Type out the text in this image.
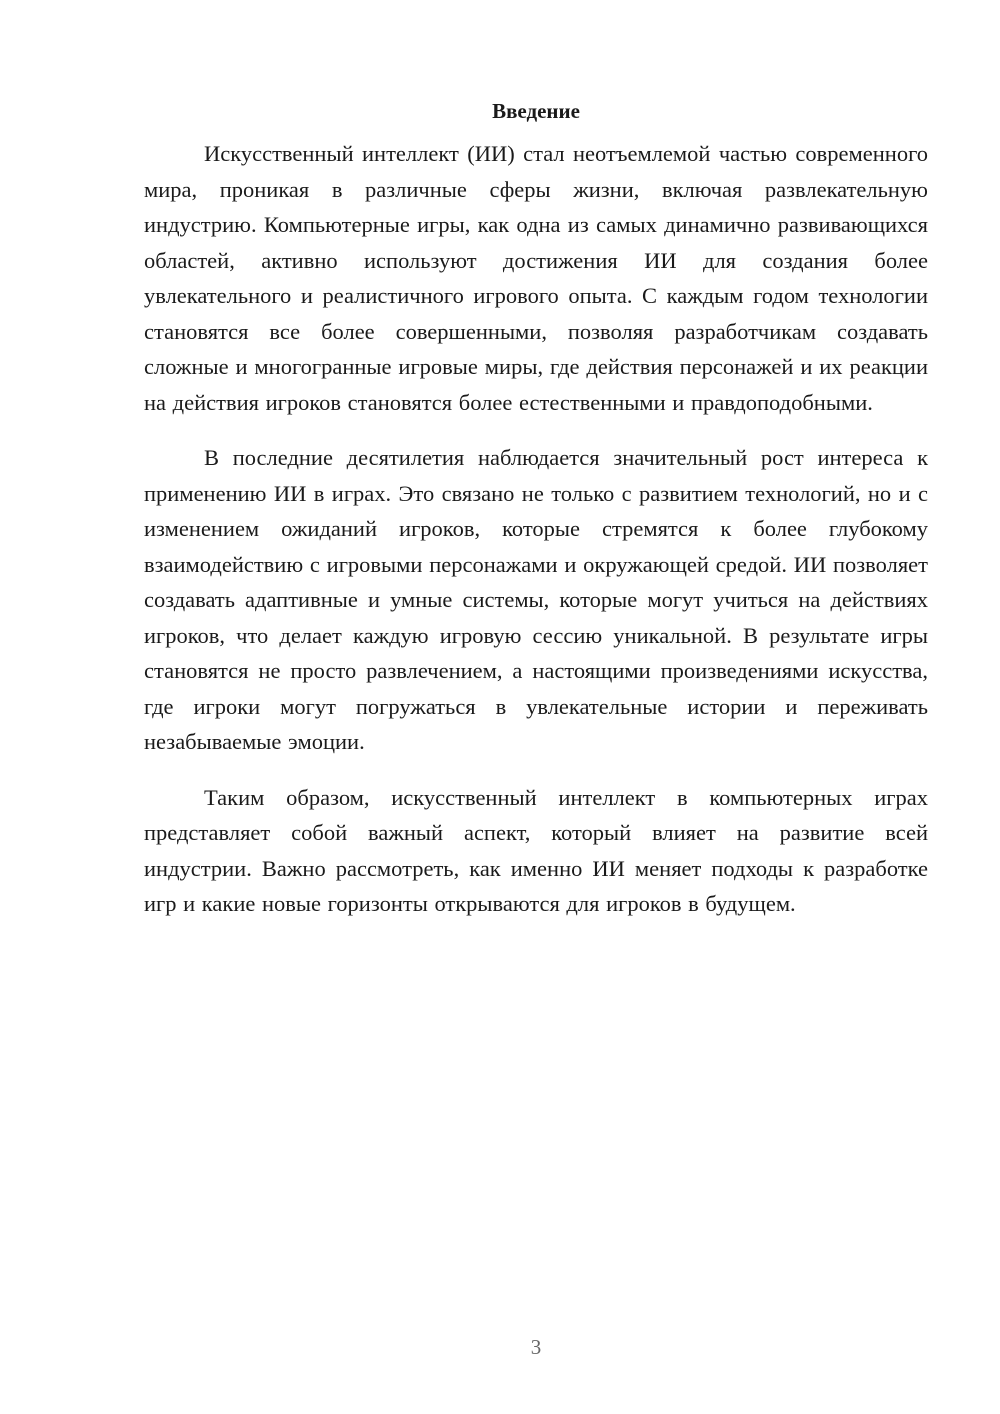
Введение

Искусственный интеллект (ИИ) стал неотъемлемой частью современного мира, проникая в различные сферы жизни, включая развлекательную индустрию. Компьютерные игры, как одна из самых динамично развивающихся областей, активно используют достижения ИИ для создания более увлекательного и реалистичного игрового опыта. С каждым годом технологии становятся все более совершенными, позволяя разработчикам создавать сложные и многогранные игровые миры, где действия персонажей и их реакции на действия игроков становятся более естественными и правдоподобными.

В последние десятилетия наблюдается значительный рост интереса к применению ИИ в играх. Это связано не только с развитием технологий, но и с изменением ожиданий игроков, которые стремятся к более глубокому взаимодействию с игровыми персонажами и окружающей средой. ИИ позволяет создавать адаптивные и умные системы, которые могут учиться на действиях игроков, что делает каждую игровую сессию уникальной. В результате игры становятся не просто развлечением, а настоящими произведениями искусства, где игроки могут погружаться в увлекательные истории и переживать незабываемые эмоции.

Таким образом, искусственный интеллект в компьютерных играх представляет собой важный аспект, который влияет на развитие всей индустрии. Важно рассмотреть, как именно ИИ меняет подходы к разработке игр и какие новые горизонты открываются для игроков в будущем.

3
